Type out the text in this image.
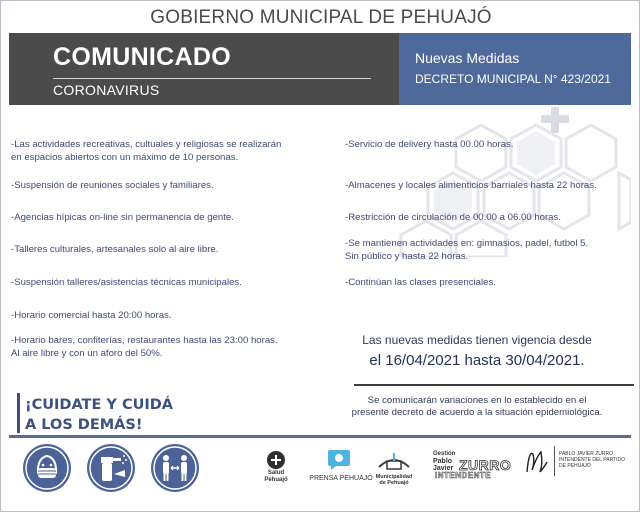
GOBIERNO MUNICIPAL DE PEHUAJÓ
COMUNICADO
CORONAVIRUS
Nuevas Medidas
DECRETO MUNICIPAL N° 423/2021
-Las actividades recreativas, cultuales y religiosas se realizarán
en espacios abiertos con un máximo de 10 personas.
-Suspensión de reuniones sociales y familiares.
-Agencias hípicas on-line sin permanencia de gente.
-Talleres culturales, artesanales solo al aire libre.
-Suspensión talleres/asistencias técnicas municipales.
-Horario comercial hasta 20:00 horas.
-Horario bares, confiterías, restaurantes hasta las 23:00 horas.
Al aire libre y con un aforo del 50%.
-Servicio de delivery hasta 00.00 horas.
-Almacenes y locales alimenticios barriales hasta 22 horas.
-Restricción de circulación de 00.00 a 06.00 horas.
-Se mantienen actividades en: gimnasios, padel, futbol 5.
Sin público y hasta 22 horas.
-Continúan las clases presenciales.
Las nuevas medidas tienen vigencia desde
el 16/04/2021 hasta 30/04/2021.
Se comunicarán variaciones en lo establecido en el
presente decreto de acuerdo a la situación epidemiológica.
¡CUIDATE Y CUIDÁ
A LOS DEMÁS!
Salud
Pehuajó	PRENSA PEHUAJÓ Municipalidad
de Pehuajó
Gestión
Pablo
Javier ZURRO
INTENDENTE
PABLO JAVIER ZURRO
INTENDENTE DEL PARTIDO
DE PEHUAJÓ
